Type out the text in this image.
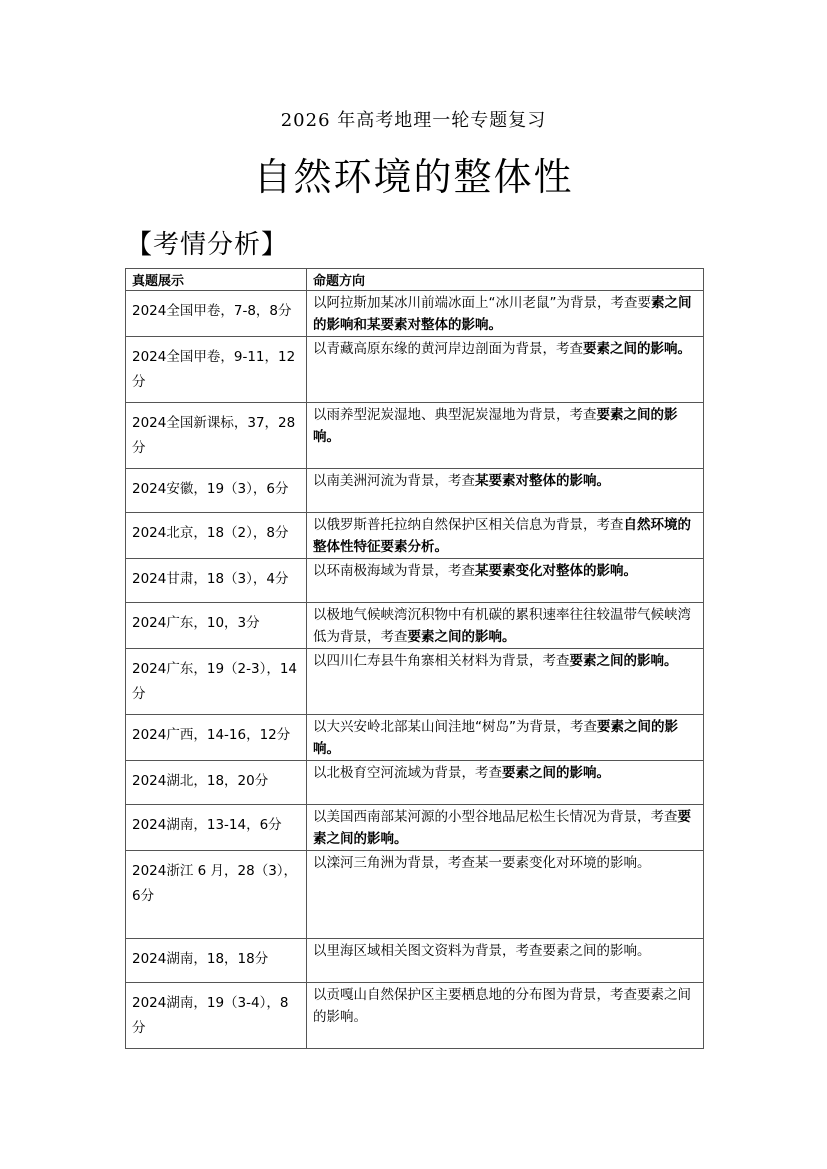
2026 年高考地理一轮专题复习
自然环境的整体性
【考情分析】
真题展示	命题方向
2024全国甲卷，7-8，8分	以阿拉斯加某冰川前端冰面上“冰川老鼠”为背景，考查要素之间的影响和某要素对整体的影响。
2024全国甲卷，9-11，12分	以青藏高原东缘的黄河岸边剖面为背景，考查要素之间的影响。
2024全国新课标，37，28分	以雨养型泥炭湿地、典型泥炭湿地为背景，考查要素之间的影响。
2024安徽，19（3），6分	以南美洲河流为背景，考查某要素对整体的影响。
2024北京，18（2），8分	以俄罗斯普托拉纳自然保护区相关信息为背景，考查自然环境的整体性特征要素分析。
2024甘肃，18（3），4分	以环南极海域为背景，考查某要素变化对整体的影响。
2024广东，10，3分	以极地气候峡湾沉积物中有机碳的累积速率往往较温带气候峡湾低为背景，考查要素之间的影响。
2024广东，19（2-3），14分	以四川仁寿县牛角寨相关材料为背景，考查要素之间的影响。
2024广西，14-16，12分	以大兴安岭北部某山间洼地“树岛”为背景，考查要素之间的影响。
2024湖北，18，20分	以北极育空河流域为背景，考查要素之间的影响。
2024湖南，13-14，6分	以美国西南部某河源的小型谷地品尼松生长情况为背景，考查要素之间的影响。
2024浙江 6 月，28（3），6分	以滦河三角洲为背景，考查某一要素变化对环境的影响。
2024湖南，18，18分	以里海区域相关图文资料为背景，考查要素之间的影响。
2024湖南，19（3-4），8分	以贡嘎山自然保护区主要栖息地的分布图为背景，考查要素之间的影响。
